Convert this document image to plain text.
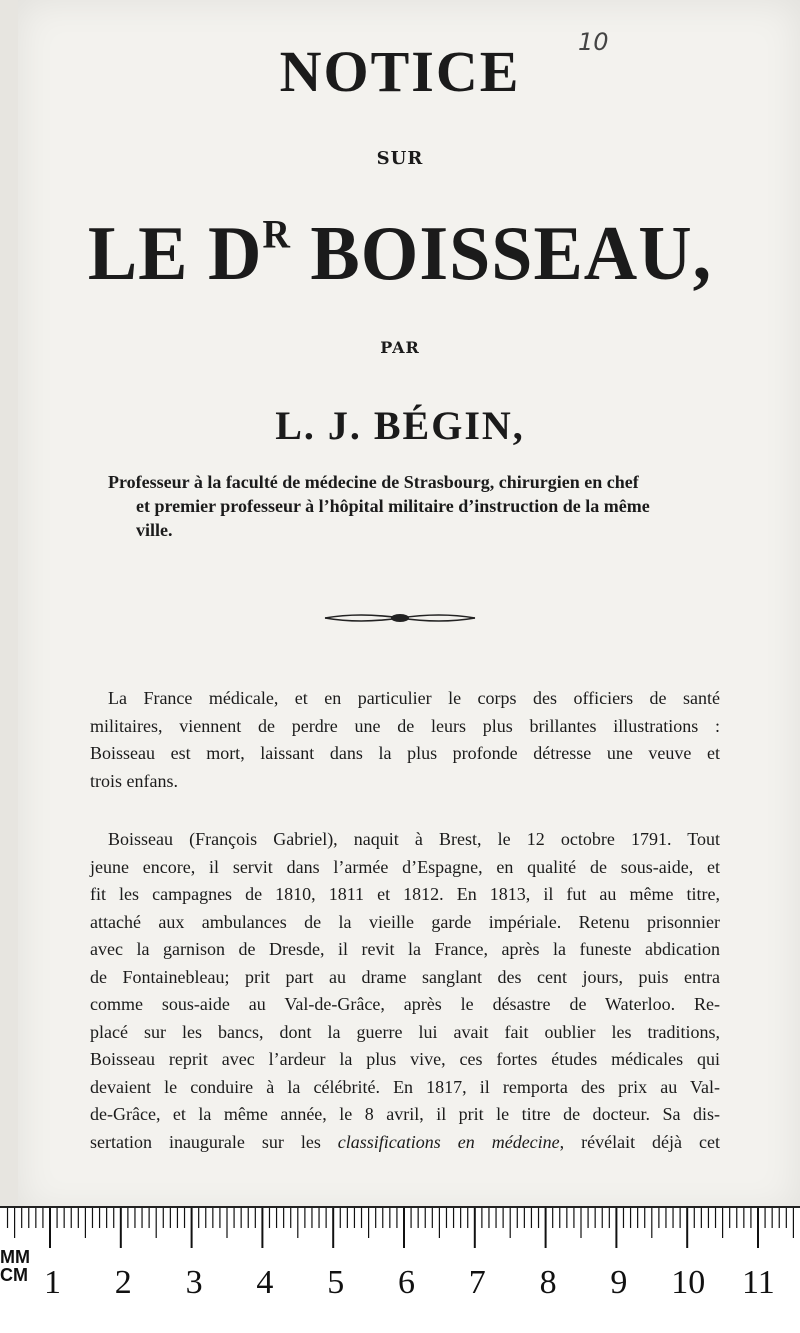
10
NOTICE
SUR
LE $D^R$ BOISSEAU,
PAR
L. J. BÉGIN,
Professeur à la faculté de médecine de Strasbourg, chirurgien en chef
et premier professeur à l’hôpital militaire d’instruction de la même
ville.
La France médicale, et en particulier le corps des officiers de santé
militaires, viennent de perdre une de leurs plus brillantes illustrations :
Boisseau est mort, laissant dans la plus profonde détresse une veuve et
trois enfans.
Boisseau (François Gabriel), naquit à Brest, le 12 octobre 1791. Tout
jeune encore, il servit dans l’armée d’Espagne, en qualité de sous-aide, et
fit les campagnes de 1810, 1811 et 1812. En 1813, il fut au même titre,
attaché aux ambulances de la vieille garde impériale. Retenu prisonnier
avec la garnison de Dresde, il revit la France, après la funeste abdication
de Fontainebleau; prit part au drame sanglant des cent jours, puis entra
comme sous-aide au Val-de-Grâce, après le désastre de Waterloo. Re-
placé sur les bancs, dont la guerre lui avait fait oublier les traditions,
Boisseau reprit avec l’ardeur la plus vive, ces fortes études médicales qui
devaient le conduire à la célébrité. En 1817, il remporta des prix au Val-
de-Grâce, et la même année, le 8 avril, il prit le titre de docteur. Sa dis-
sertation inaugurale sur les classifications en médecine, révélait déjà cet
MM
CM 1 2 3 4 5 6 7 8 9 10 11
